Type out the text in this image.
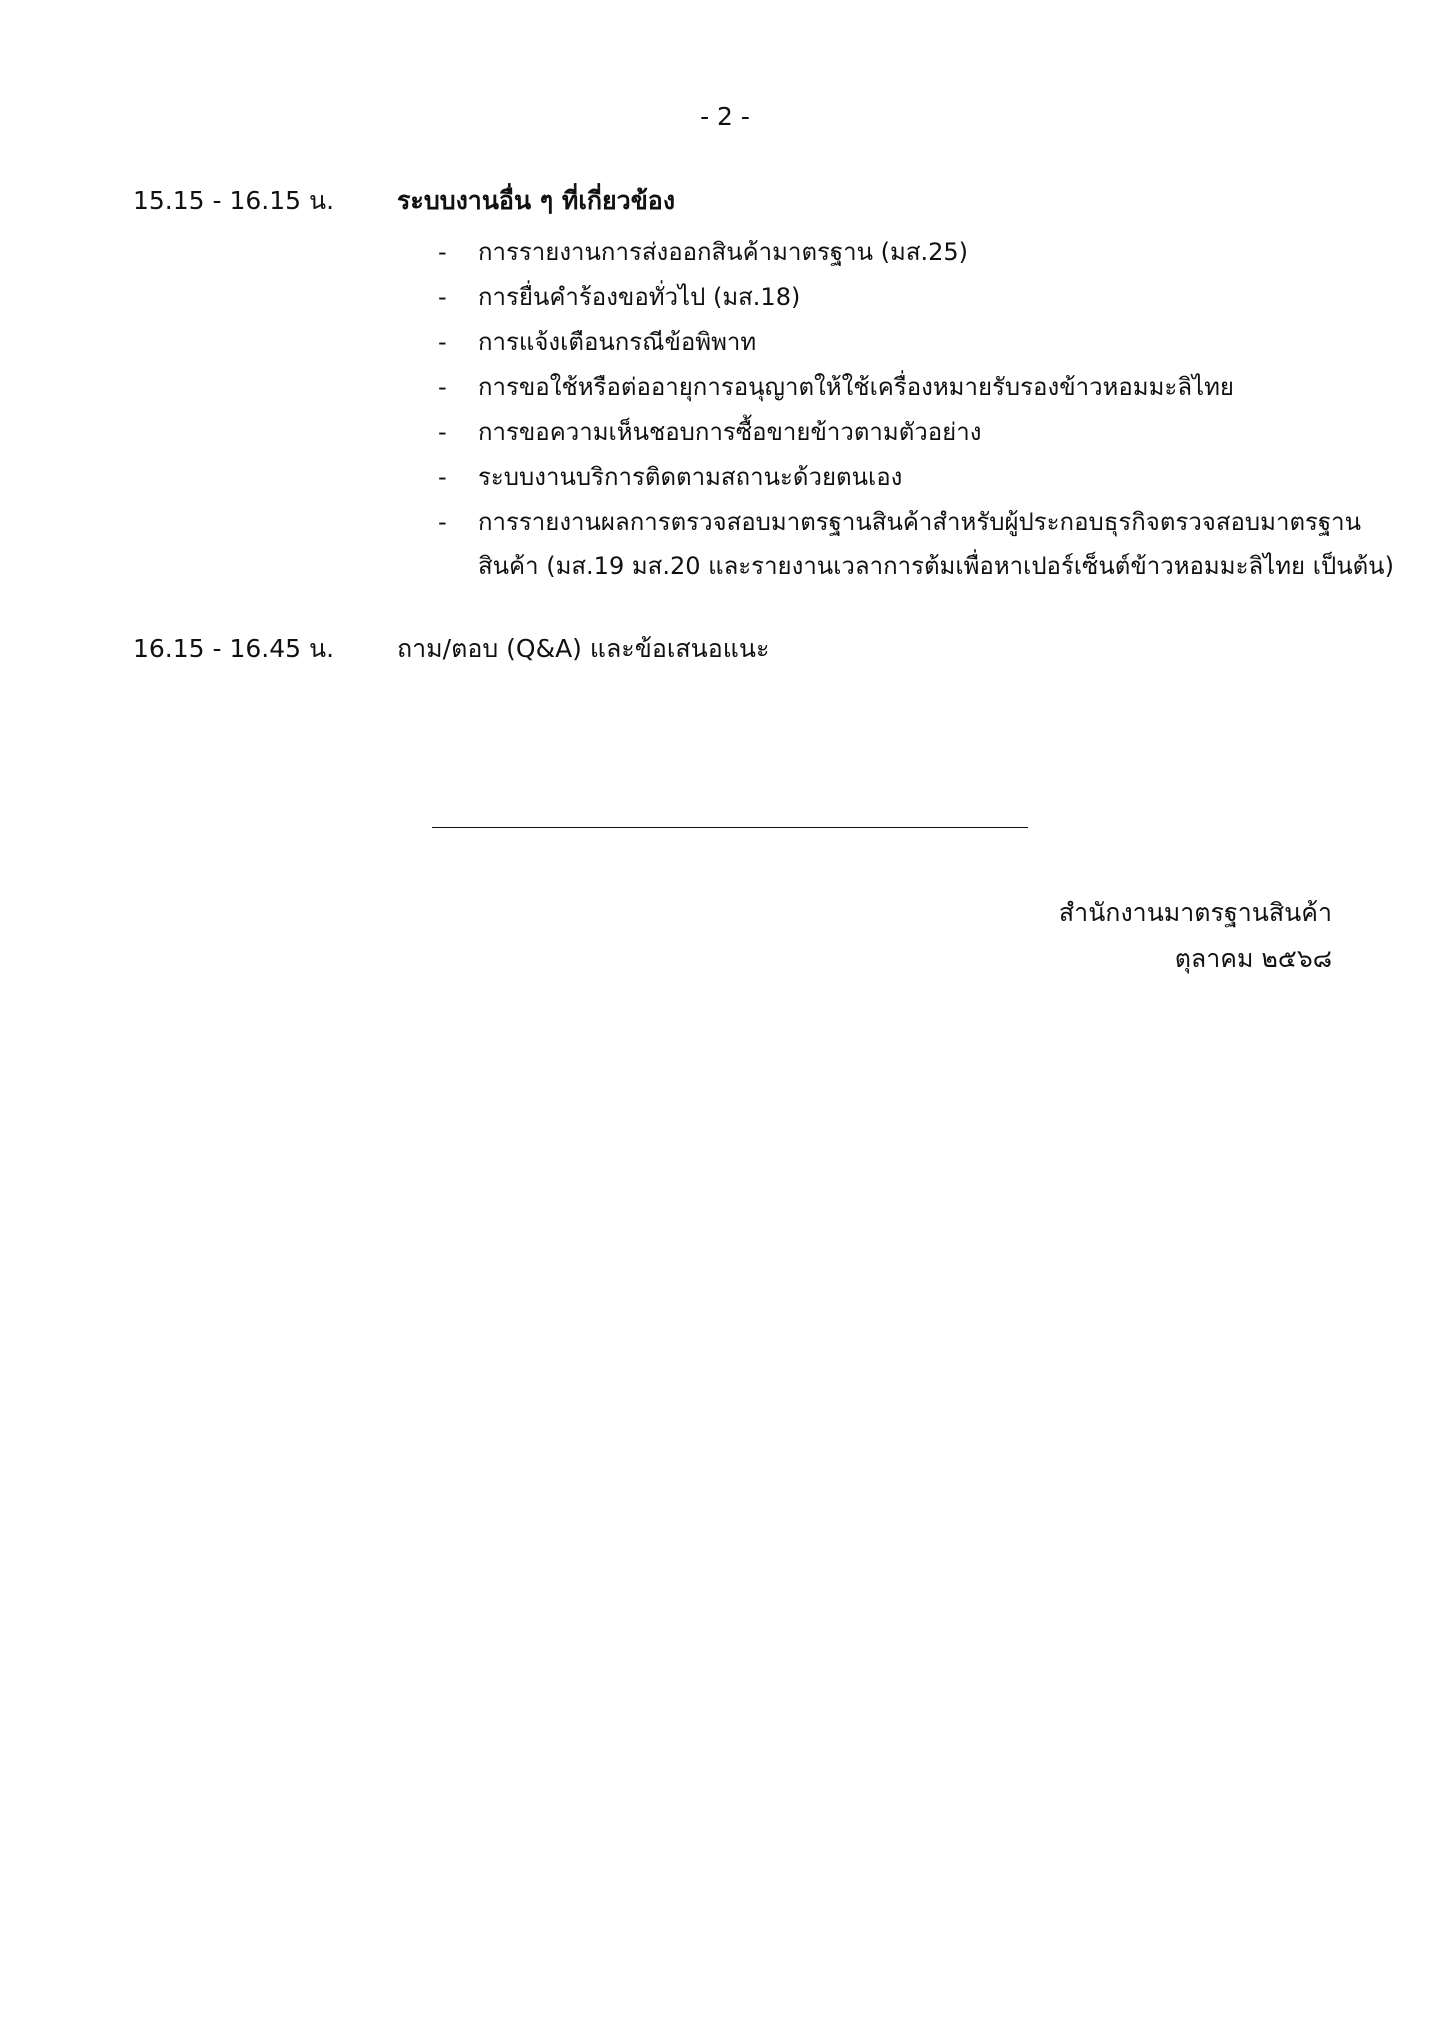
- 2 -
15.15 - 16.15 น.	ระบบงานอื่น ๆ ที่เกี่ยวข้อง
- การรายงานการส่งออกสินค้ามาตรฐาน (มส.25)
- การยื่นคำร้องขอทั่วไป (มส.18)
- การแจ้งเตือนกรณีข้อพิพาท
- การขอใช้หรือต่ออายุการอนุญาตให้ใช้เครื่องหมายรับรองข้าวหอมมะลิไทย
- การขอความเห็นชอบการซื้อขายข้าวตามตัวอย่าง
- ระบบงานบริการติดตามสถานะด้วยตนเอง
- การรายงานผลการตรวจสอบมาตรฐานสินค้าสำหรับผู้ประกอบธุรกิจตรวจสอบมาตรฐาน
สินค้า (มส.19 มส.20 และรายงานเวลาการต้มเพื่อหาเปอร์เซ็นต์ข้าวหอมมะลิไทย เป็นต้น)
16.15 - 16.45 น.	ถาม/ตอบ (Q&A) และข้อเสนอแนะ
สำนักงานมาตรฐานสินค้า
ตุลาคม ๒๕๖๘
